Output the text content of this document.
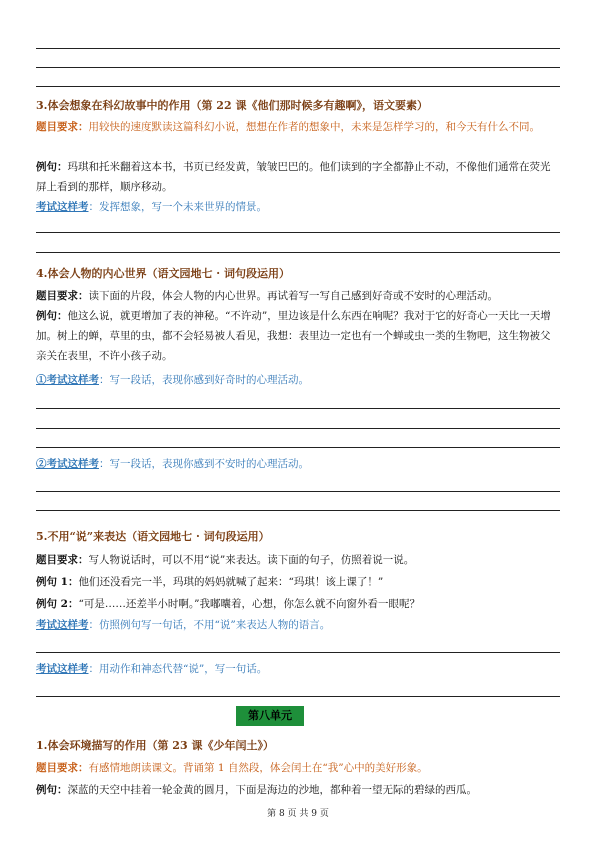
3.体会想象在科幻故事中的作用（第 22 课《他们那时候多有趣啊》，语文要素）
题目要求：用较快的速度默读这篇科幻小说，想想在作者的想象中，未来是怎样学习的，和今天有什么不同。
例句：玛琪和托米翻着这本书，书页已经发黄，皱皱巴巴的。他们读到的字全都静止不动，不像他们通常在荧光屏上看到的那样，顺序移动。
考试这样考：发挥想象，写一个未来世界的情景。
4.体会人物的内心世界（语文园地七 · 词句段运用）
题目要求：读下面的片段，体会人物的内心世界。再试着写一写自己感到好奇或不安时的心理活动。
例句：他这么说，就更增加了表的神秘。“不许动”，里边该是什么东西在响呢？我对于它的好奇心一天比一天增加。树上的蝉，草里的虫，都不会轻易被人看见，我想：表里边一定也有一个蝉或虫一类的生物吧，这生物被父亲关在表里，不许小孩子动。
①考试这样考：写一段话，表现你感到好奇时的心理活动。
②考试这样考：写一段话，表现你感到不安时的心理活动。
5.不用“说”来表达（语文园地七 · 词句段运用）
题目要求：写人物说话时，可以不用“说”来表达。读下面的句子，仿照着说一说。
例句 1：他们还没看完一半，玛琪的妈妈就喊了起来：“玛琪！该上课了！”
例句 2：“可是……还差半小时啊。”我嘟囔着，心想，你怎么就不向窗外看一眼呢？
考试这样考：仿照例句写一句话，不用“说”来表达人物的语言。
考试这样考：用动作和神态代替“说”，写一句话。
第八单元
1.体会环境描写的作用（第 23 课《少年闰土》）
题目要求：有感情地朗读课文。背诵第 1 自然段，体会闰土在“我”心中的美好形象。
例句：深蓝的天空中挂着一轮金黄的圆月，下面是海边的沙地，都种着一望无际的碧绿的西瓜。
第 8 页 共 9 页
